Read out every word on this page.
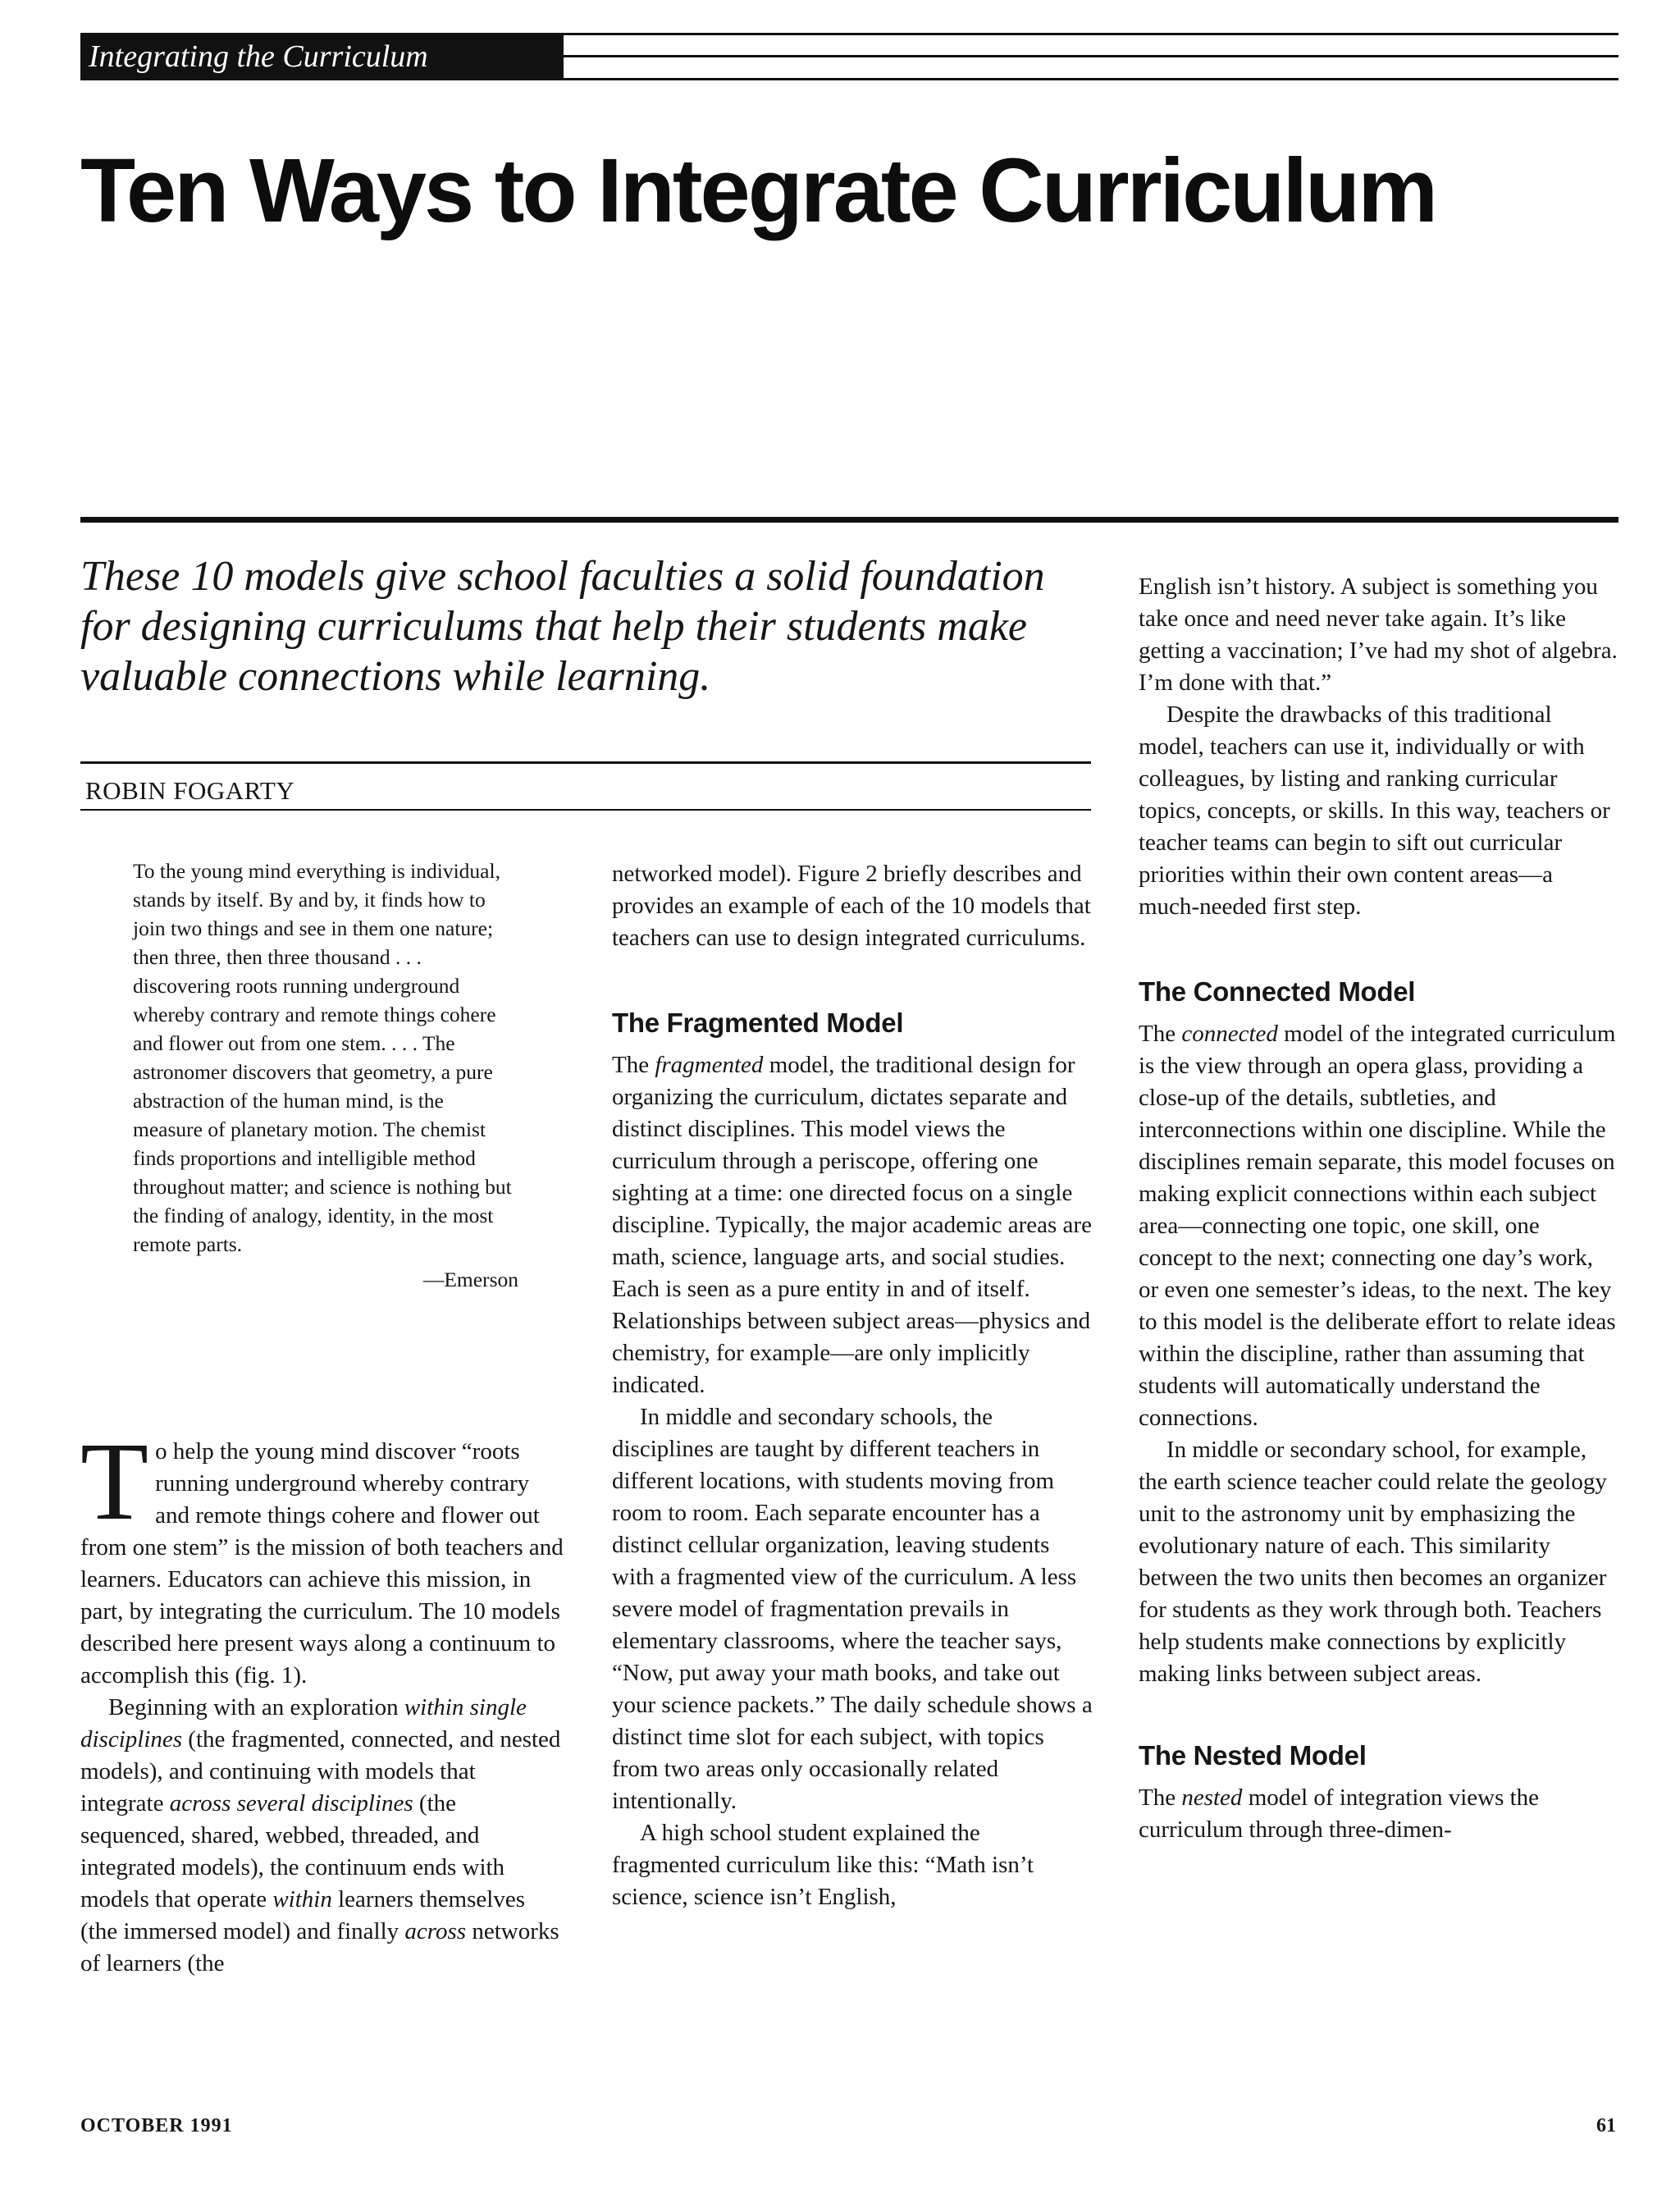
Integrating the Curriculum
Ten Ways to Integrate Curriculum

These 10 models give school faculties a solid foundation for designing curriculums that help their students make valuable connections while learning.

ROBIN FOGARTY

To the young mind everything is individual, stands by itself. By and by, it finds how to join two things and see in them one nature; then three, then three thousand . . . discovering roots running underground whereby contrary and remote things cohere and flower out from one stem. . . . The astronomer discovers that geometry, a pure abstraction of the human mind, is the measure of planetary motion. The chemist finds proportions and intelligible method throughout matter; and science is nothing but the finding of analogy, identity, in the most remote parts.

—Emerson

To help the young mind discover “roots running underground whereby contrary and remote things cohere and flower out from one stem” is the mission of both teachers and learners. Educators can achieve this mission, in part, by integrating the curriculum. The 10 models described here present ways along a continuum to accomplish this (fig. 1).

Beginning with an exploration within single disciplines (the fragmented, connected, and nested models), and continuing with models that integrate across several disciplines (the sequenced, shared, webbed, threaded, and integrated models), the continuum ends with models that operate within learners themselves (the immersed model) and finally across networks of learners (the

networked model). Figure 2 briefly describes and provides an example of each of the 10 models that teachers can use to design integrated curriculums.

The Fragmented Model

The fragmented model, the traditional design for organizing the curriculum, dictates separate and distinct disciplines. This model views the curriculum through a periscope, offering one sighting at a time: one directed focus on a single discipline. Typically, the major academic areas are math, science, language arts, and social studies. Each is seen as a pure entity in and of itself. Relationships between subject areas—physics and chemistry, for example—are only implicitly indicated.

In middle and secondary schools, the disciplines are taught by different teachers in different locations, with students moving from room to room. Each separate encounter has a distinct cellular organization, leaving students with a fragmented view of the curriculum. A less severe model of fragmentation prevails in elementary classrooms, where the teacher says, “Now, put away your math books, and take out your science packets.” The daily schedule shows a distinct time slot for each subject, with topics from two areas only occasionally related intentionally.

A high school student explained the fragmented curriculum like this: “Math isn’t science, science isn’t English,

English isn’t history. A subject is something you take once and need never take again. It’s like getting a vaccination; I’ve had my shot of algebra. I’m done with that.”

Despite the drawbacks of this traditional model, teachers can use it, individually or with colleagues, by listing and ranking curricular topics, concepts, or skills. In this way, teachers or teacher teams can begin to sift out curricular priorities within their own content areas—a much-needed first step.

The Connected Model

The connected model of the integrated curriculum is the view through an opera glass, providing a close-up of the details, subtleties, and interconnections within one discipline. While the disciplines remain separate, this model focuses on making explicit connections within each subject area—connecting one topic, one skill, one concept to the next; connecting one day’s work, or even one semester’s ideas, to the next. The key to this model is the deliberate effort to relate ideas within the discipline, rather than assuming that students will automatically understand the connections.

In middle or secondary school, for example, the earth science teacher could relate the geology unit to the astronomy unit by emphasizing the evolutionary nature of each. This similarity between the two units then becomes an organizer for students as they work through both. Teachers help students make connections by explicitly making links between subject areas.

The Nested Model

The nested model of integration views the curriculum through three-dimen-

OCTOBER 1991	61
